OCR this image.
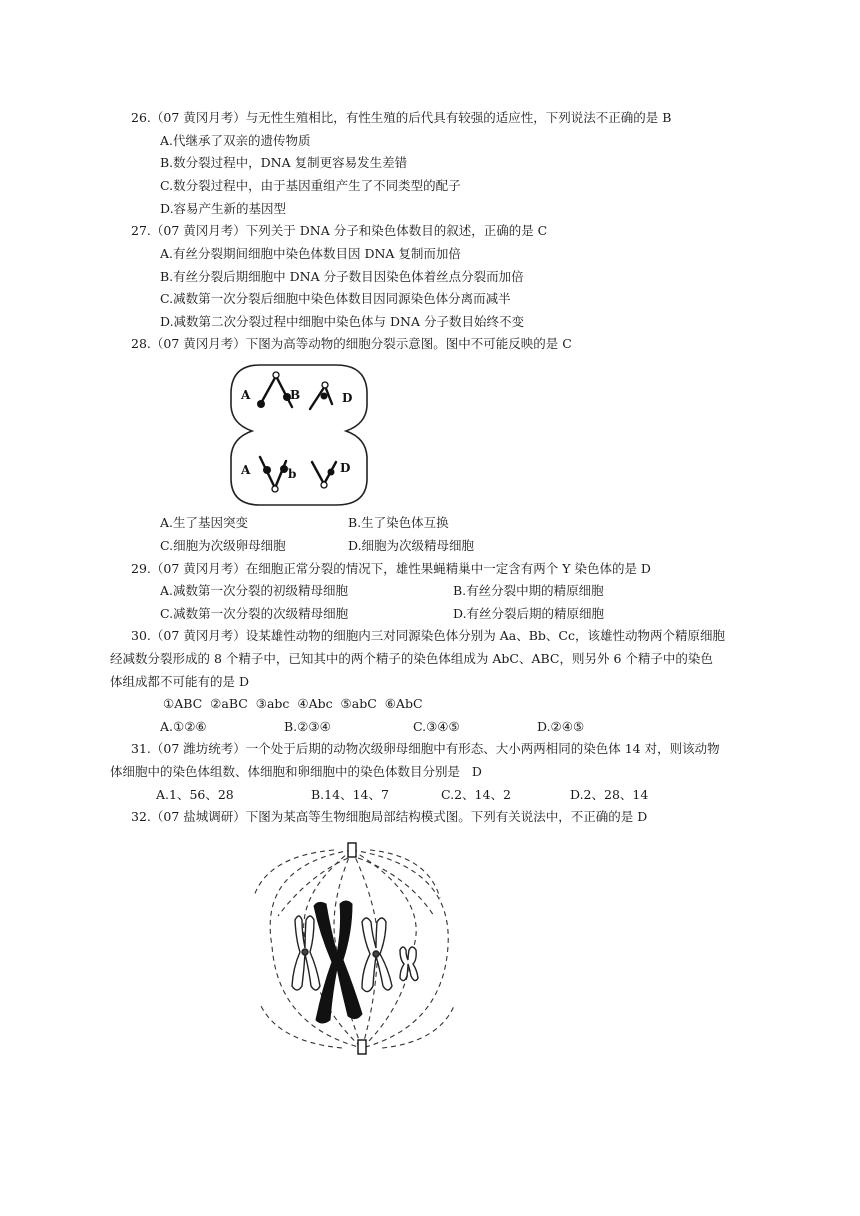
26.（07 黄冈月考）与无性生殖相比，有性生殖的后代具有较强的适应性，下列说法不正确的是 B
A.代继承了双亲的遗传物质
B.数分裂过程中，DNA 复制更容易发生差错
C.数分裂过程中，由于基因重组产生了不同类型的配子
D.容易产生新的基因型
27.（07 黄冈月考）下列关于 DNA 分子和染色体数目的叙述，正确的是 C
A.有丝分裂期间细胞中染色体数目因 DNA 复制而加倍
B.有丝分裂后期细胞中 DNA 分子数目因染色体着丝点分裂而加倍
C.减数第一次分裂后细胞中染色体数目因同源染色体分离而减半
D.减数第二次分裂过程中细胞中染色体与 DNA 分子数目始终不变
28.（07 黄冈月考）下图为高等动物的细胞分裂示意图。图中不可能反映的是 C
A	B	D
A	b	D
A.生了基因突变	B.生了染色体互换
C.细胞为次级卵母细胞	D.细胞为次级精母细胞
29.（07 黄冈月考）在细胞正常分裂的情况下，雄性果蝇精巢中一定含有两个 Y 染色体的是 D
A.减数第一次分裂的初级精母细胞	B.有丝分裂中期的精原细胞
C.减数第一次分裂的次级精母细胞	D.有丝分裂后期的精原细胞
30.（07 黄冈月考）设某雄性动物的细胞内三对同源染色体分别为 Aa、Bb、Cc，该雄性动物两个精原细胞
经减数分裂形成的 8 个精子中，已知其中的两个精子的染色体组成为 AbC、ABC，则另外 6 个精子中的染色
体组成都不可能有的是 D
①ABC  ②aBC  ③abc  ④Abc  ⑤abC  ⑥AbC
A.①②⑥	B.②③④	C.③④⑤	D.②④⑤
31.（07 潍坊统考）一个处于后期的动物次级卵母细胞中有形态、大小两两相同的染色体 14 对，则该动物
体细胞中的染色体组数、体细胞和卵细胞中的染色体数目分别是   D
A.1、56、28	B.14、14、7	C.2、14、2	D.2、28、14
32.（07 盐城调研）下图为某高等生物细胞局部结构模式图。下列有关说法中，不正确的是 D
